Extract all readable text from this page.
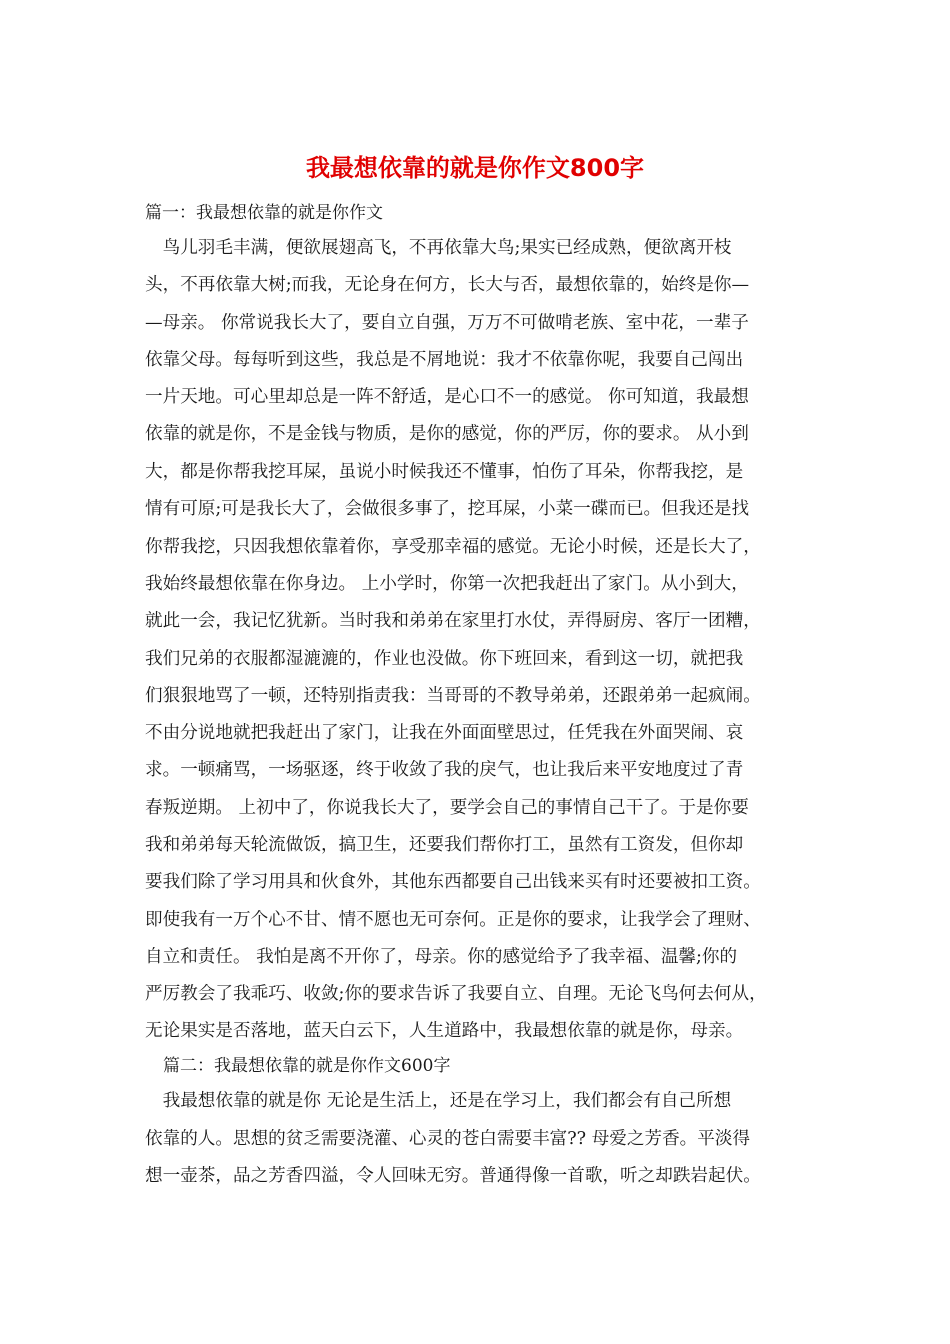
我最想依靠的就是你作文800字
篇一：我最想依靠的就是你作文
　鸟儿羽毛丰满，便欲展翅高飞，不再依靠大鸟;果实已经成熟，便欲离开枝
头，不再依靠大树;而我，无论身在何方，长大与否，最想依靠的，始终是你—
—母亲。 你常说我长大了，要自立自强，万万不可做啃老族、室中花，一辈子
依靠父母。每每听到这些，我总是不屑地说：我才不依靠你呢，我要自己闯出
一片天地。可心里却总是一阵不舒适，是心口不一的感觉。 你可知道，我最想
依靠的就是你，不是金钱与物质，是你的感觉，你的严厉，你的要求。 从小到
大，都是你帮我挖耳屎，虽说小时候我还不懂事，怕伤了耳朵，你帮我挖，是
情有可原;可是我长大了，会做很多事了，挖耳屎，小菜一碟而已。但我还是找
你帮我挖，只因我想依靠着你，享受那幸福的感觉。无论小时候，还是长大了，
我始终最想依靠在你身边。 上小学时，你第一次把我赶出了家门。从小到大，
就此一会，我记忆犹新。当时我和弟弟在家里打水仗，弄得厨房、客厅一团糟，
我们兄弟的衣服都湿漉漉的，作业也没做。你下班回来，看到这一切，就把我
们狠狠地骂了一顿，还特别指责我：当哥哥的不教导弟弟，还跟弟弟一起疯闹。
不由分说地就把我赶出了家门，让我在外面面壁思过，任凭我在外面哭闹、哀
求。一顿痛骂，一场驱逐，终于收敛了我的戾气，也让我后来平安地度过了青
春叛逆期。 上初中了，你说我长大了，要学会自己的事情自己干了。于是你要
我和弟弟每天轮流做饭，搞卫生，还要我们帮你打工，虽然有工资发，但你却
要我们除了学习用具和伙食外，其他东西都要自己出钱来买有时还要被扣工资。
即使我有一万个心不甘、情不愿也无可奈何。正是你的要求，让我学会了理财、
自立和责任。 我怕是离不开你了，母亲。你的感觉给予了我幸福、温馨;你的
严厉教会了我乖巧、收敛;你的要求告诉了我要自立、自理。无论飞鸟何去何从，
无论果实是否落地，蓝天白云下，人生道路中，我最想依靠的就是你，母亲。
篇二：我最想依靠的就是你作文600字
　我最想依靠的就是你 无论是生活上，还是在学习上，我们都会有自己所想
依靠的人。思想的贫乏需要浇灌、心灵的苍白需要丰富?? 母爱之芳香。平淡得
想一壶茶，品之芳香四溢，令人回味无穷。普通得像一首歌，听之却跌岩起伏。
